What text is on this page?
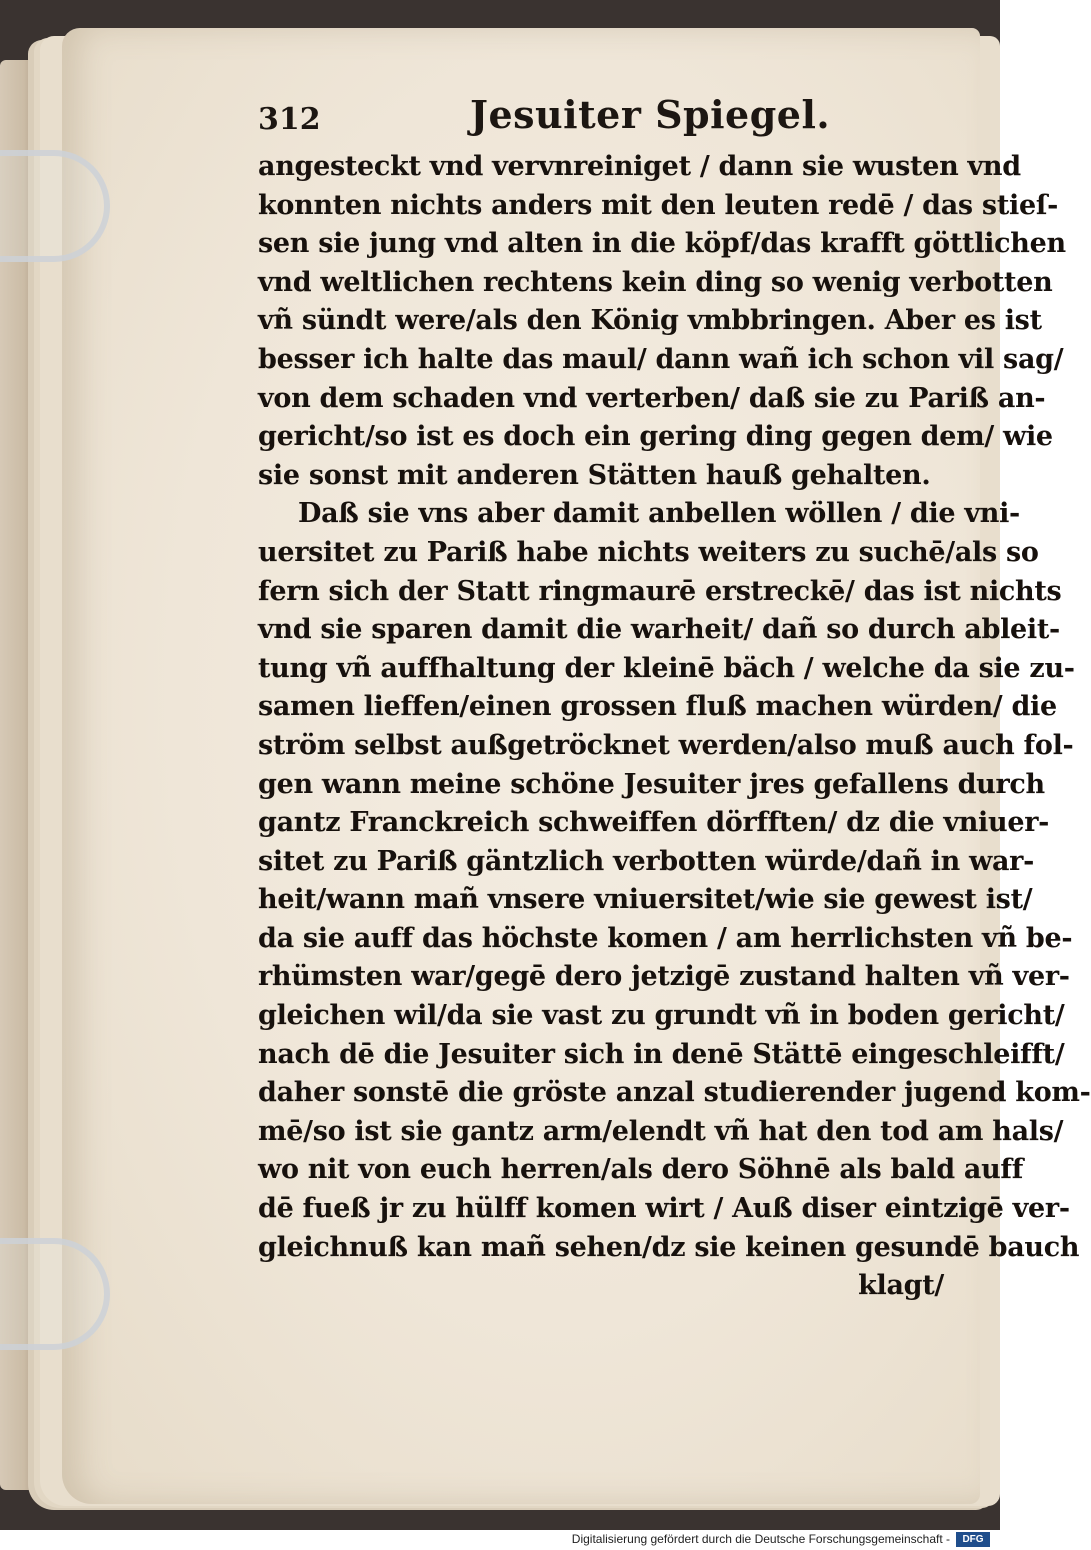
312	Jesuiter Spiegel.
angesteckt vnd vervnreiniget / dann sie wusten vnd
konnten nichts anders mit den leuten redē / das stieſ-
sen sie jung vnd alten in die köpf/das krafft göttlichen
vnd weltlichen rechtens kein ding so wenig verbotten
vñ sündt were/als den König vmbbringen. Aber es ist
besser ich halte das maul/ dann wañ ich schon vil sag/
von dem schaden vnd verterben/ daß sie zu Pariß an-
gericht/so ist es doch ein gering ding gegen dem/ wie
sie sonst mit anderen Stätten hauß gehalten.
Daß sie vns aber damit anbellen wöllen / die vni-
uersitet zu Pariß habe nichts weiters zu suchē/als so
fern sich der Statt ringmaurē erstreckē/ das ist nichts
vnd sie sparen damit die warheit/ dañ so durch ableit-
tung vñ auffhaltung der kleinē bäch / welche da sie zu-
samen lieffen/einen grossen fluß machen würden/ die
ström selbst außgetröcknet werden/also muß auch fol-
gen wann meine schöne Jesuiter jres gefallens durch
gantz Franckreich schweiffen dörfften/ dz die vniuer-
sitet zu Pariß gäntzlich verbotten würde/dañ in war-
heit/wann mañ vnsere vniuersitet/wie sie gewest ist/
da sie auff das höchste komen / am herrlichsten vñ be-
rhümsten war/gegē dero jetzigē zustand halten vñ ver-
gleichen wil/da sie vast zu grundt vñ in boden gericht/
nach dē die Jesuiter sich in denē Stättē eingeschleifft/
daher sonstē die gröste anzal studierender jugend kom-
mē/so ist sie gantz arm/elendt vñ hat den tod am hals/
wo nit von euch herren/als dero Söhnē als bald auff
dē fueß jr zu hülff komen wirt / Auß diser eintzigē ver-
gleichnuß kan mañ sehen/dz sie keinen gesundē bauch
klagt/
Digitalisierung gefördert durch die Deutsche Forschungsgemeinschaft -	DFG
